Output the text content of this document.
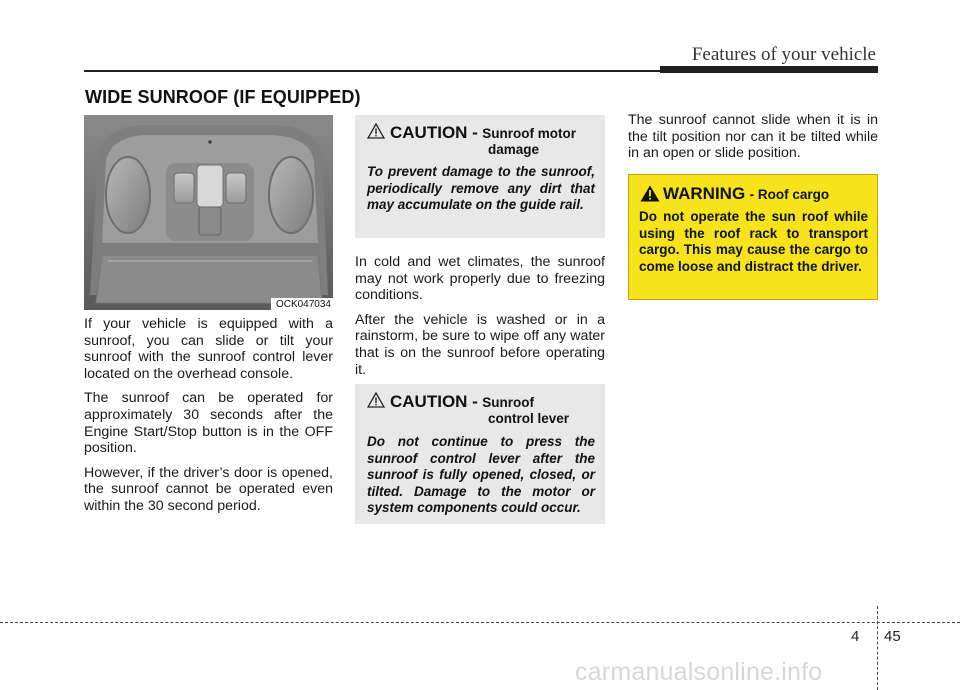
Features of your vehicle
WIDE SUNROOF (IF EQUIPPED)
OCK047034

If your vehicle is equipped with a sunroof, you can slide or tilt your sunroof with the sunroof control lever located on the overhead console.

The sunroof can be operated for approximately 30 seconds after the Engine Start/Stop button is in the OFF position.

However, if the driver’s door is opened, the sunroof cannot be operated even within the 30 second period.

CAUTION - Sunroof motor
damage

To prevent damage to the sunroof, periodically remove any dirt that may accumulate on the guide rail.

In cold and wet climates, the sunroof may not work properly due to freezing conditions.

After the vehicle is washed or in a rainstorm, be sure to wipe off any water that is on the sunroof before operating it.

CAUTION - Sunroof
control lever

Do not continue to press the sunroof control lever after the sunroof is fully opened, closed, or tilted. Damage to the motor or system components could occur.

The sunroof cannot slide when it is in the tilt position nor can it be tilted while in an open or slide position.

WARNING - Roof cargo

Do not operate the sun roof while using the roof rack to transport cargo. This may cause the cargo to come loose and distract the driver.

4 45
carmanualsonline.info
